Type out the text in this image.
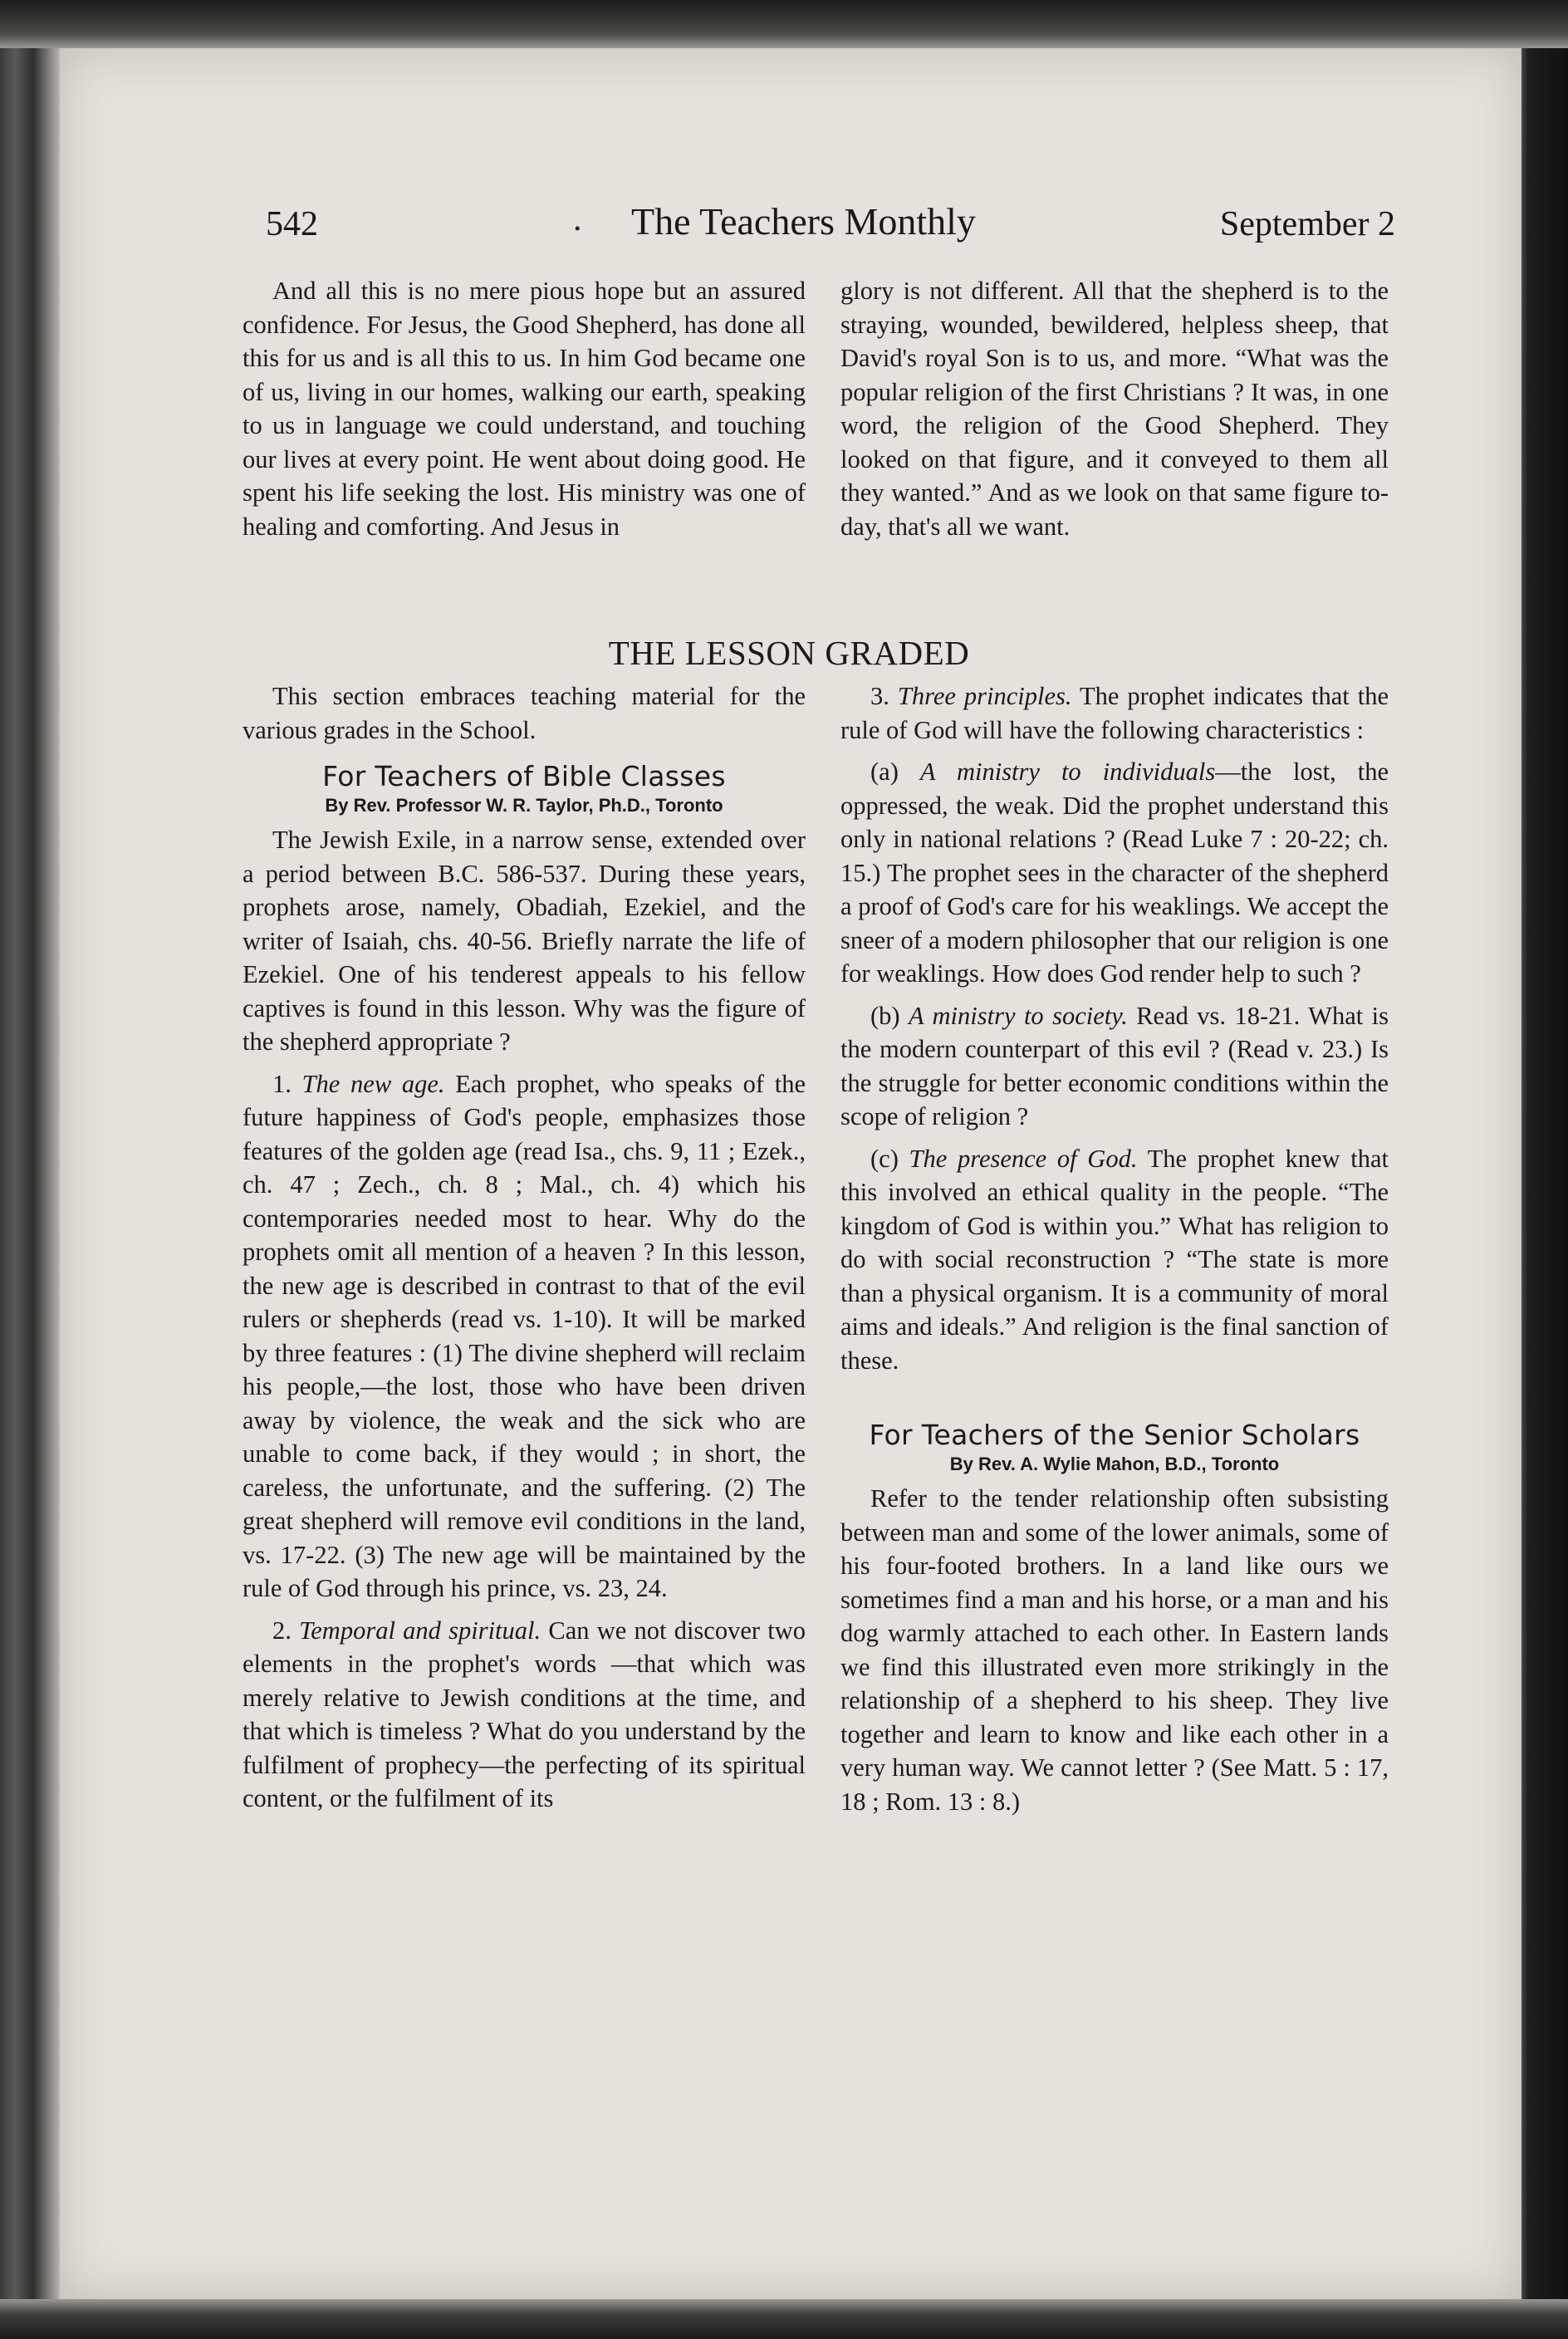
542	. The Teachers Monthly	September 2

And all this is no mere pious hope but an assured confidence. For Jesus, the Good Shepherd, has done all this for us and is all this to us. In him God became one of us, living in our homes, walking our earth, speaking to us in language we could understand, and touching our lives at every point. He went about doing good. He spent his life seeking the lost. His ministry was one of healing and comforting. And Jesus in

glory is not different. All that the shepherd is to the straying, wounded, bewildered, helpless sheep, that David's royal Son is to us, and more. “What was the popular religion of the first Christians ? It was, in one word, the religion of the Good Shepherd. They looked on that figure, and it conveyed to them all they wanted.” And as we look on that same figure to-day, that's all we want.

THE LESSON GRADED

This section embraces teaching material for the various grades in the School.

For Teachers of Bible Classes
By Rev. Professor W. R. Taylor, Ph.D., Toronto

The Jewish Exile, in a narrow sense, extended over a period between B.C. 586-537. During these years, prophets arose, namely, Obadiah, Ezekiel, and the writer of Isaiah, chs. 40-56. Briefly narrate the life of Ezekiel. One of his tenderest appeals to his fellow captives is found in this lesson. Why was the figure of the shepherd appropriate ?

1. The new age. Each prophet, who speaks of the future happiness of God's people, emphasizes those features of the golden age (read Isa., chs. 9, 11 ; Ezek., ch. 47 ; Zech., ch. 8 ; Mal., ch. 4) which his contemporaries needed most to hear. Why do the prophets omit all mention of a heaven ? In this lesson, the new age is described in contrast to that of the evil rulers or shepherds (read vs. 1-10). It will be marked by three features : (1) The divine shepherd will reclaim his people,—the lost, those who have been driven away by violence, the weak and the sick who are unable to come back, if they would ; in short, the careless, the unfortunate, and the suffering. (2) The great shepherd will remove evil conditions in the land, vs. 17-22. (3) The new age will be maintained by the rule of God through his prince, vs. 23, 24.

2. Temporal and spiritual. Can we not discover two elements in the prophet's words —that which was merely relative to Jewish conditions at the time, and that which is timeless ? What do you understand by the fulfilment of prophecy—the perfecting of its spiritual content, or the fulfilment of its

3. Three principles. The prophet indicates that the rule of God will have the following characteristics :

(a) A ministry to individuals—the lost, the oppressed, the weak. Did the prophet understand this only in national relations ? (Read Luke 7 : 20-22; ch. 15.) The prophet sees in the character of the shepherd a proof of God's care for his weaklings. We accept the sneer of a modern philosopher that our religion is one for weaklings. How does God render help to such ?

(b) A ministry to society. Read vs. 18-21. What is the modern counterpart of this evil ? (Read v. 23.) Is the struggle for better economic conditions within the scope of religion ?

(c) The presence of God. The prophet knew that this involved an ethical quality in the people. “The kingdom of God is within you.” What has religion to do with social reconstruction ? “The state is more than a physical organism. It is a community of moral aims and ideals.” And religion is the final sanction of these.

For Teachers of the Senior Scholars
By Rev. A. Wylie Mahon, B.D., Toronto

Refer to the tender relationship often subsisting between man and some of the lower animals, some of his four-footed brothers. In a land like ours we sometimes find a man and his horse, or a man and his dog warmly attached to each other. In Eastern lands we find this illustrated even more strikingly in the relationship of a shepherd to his sheep. They live together and learn to know and like each other in a very human way. We cannot letter ? (See Matt. 5 : 17, 18 ; Rom. 13 : 8.)
